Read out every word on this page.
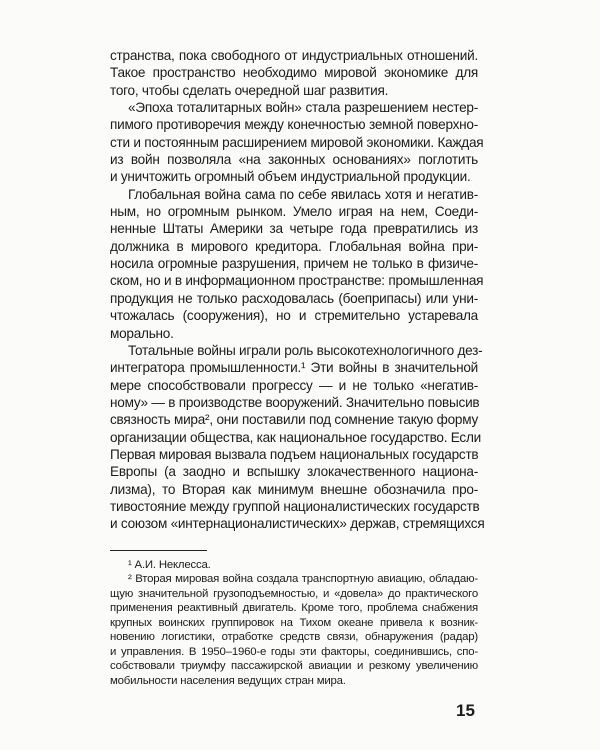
странства, пока свободного от индустриальных отношений.
Такое пространство необходимо мировой экономике для
того, чтобы сделать очередной шаг развития.
«Эпоха тоталитарных войн» стала разрешением нестер-
пимого противоречия между конечностью земной поверхно-
сти и постоянным расширением мировой экономики. Каждая
из войн позволяла «на законных основаниях» поглотить
и уничтожить огромный объем индустриальной продукции.
Глобальная война сама по себе явилась хотя и негатив-
ным, но огромным рынком. Умело играя на нем, Соеди-
ненные Штаты Америки за четыре года превратились из
должника в мирового кредитора. Глобальная война при-
носила огромные разрушения, причем не только в физиче-
ском, но и в информационном пространстве: промышленная
продукция не только расходовалась (боеприпасы) или уни-
чтожалась (сооружения), но и стремительно устаревала
морально.
Тотальные войны играли роль высокотехнологичного дез-
интегратора промышленности.¹ Эти войны в значительной
мере способствовали прогрессу — и не только «негатив-
ному» — в производстве вооружений. Значительно повысив
связность мира², они поставили под сомнение такую форму
организации общества, как национальное государство. Если
Первая мировая вызвала подъем национальных государств
Европы (а заодно и вспышку злокачественного национа-
лизма), то Вторая как минимум внешне обозначила про-
тивостояние между группой националистических государств
и союзом «интернационалистических» держав, стремящихся
¹ А.И. Неклесса.
² Вторая мировая война создала транспортную авиацию, обладаю-
щую значительной грузоподъемностью, и «довела» до практического
применения реактивный двигатель. Кроме того, проблема снабжения
крупных воинских группировок на Тихом океане привела к возник-
новению логистики, отработке средств связи, обнаружения (радар)
и управления. В 1950–1960-е годы эти факторы, соединившись, спо-
собствовали триумфу пассажирской авиации и резкому увеличению
мобильности населения ведущих стран мира.
15
